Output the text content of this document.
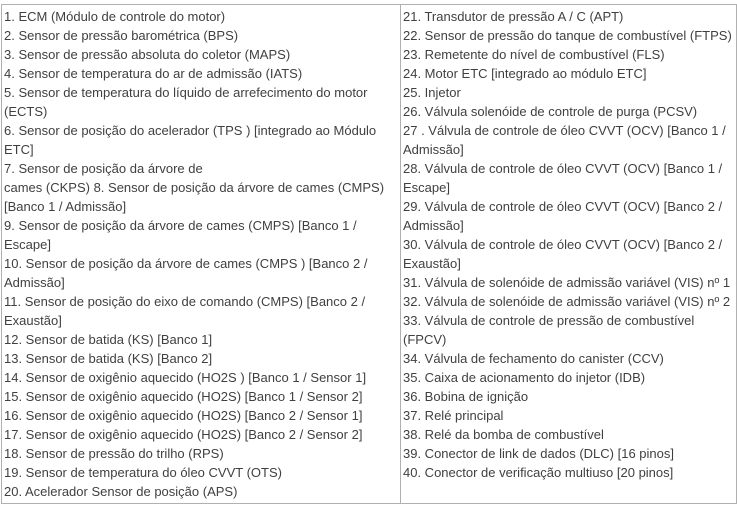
1. ECM (Módulo de controle do motor)
2. Sensor de pressão barométrica (BPS)
3. Sensor de pressão absoluta do coletor (MAPS)
4. Sensor de temperatura do ar de admissão (IATS)
5. Sensor de temperatura do líquido de arrefecimento do motor (ECTS)
6. Sensor de posição do acelerador (TPS ) [integrado ao Módulo ETC]
7. Sensor de posição da árvore de
cames (CKPS) 8. Sensor de posição da árvore de cames (CMPS) [Banco 1 / Admissão]
9. Sensor de posição da árvore de cames (CMPS) [Banco 1 / Escape]
10. Sensor de posição da árvore de cames (CMPS ) [Banco 2 / Admissão]
11. Sensor de posição do eixo de comando (CMPS) [Banco 2 / Exaustão]
12. Sensor de batida (KS) [Banco 1]
13. Sensor de batida (KS) [Banco 2]
14. Sensor de oxigênio aquecido (HO2S ) [Banco 1 / Sensor 1]
15. Sensor de oxigênio aquecido (HO2S) [Banco 1 / Sensor 2]
16. Sensor de oxigênio aquecido (HO2S) [Banco 2 / Sensor 1]
17. Sensor de oxigênio aquecido (HO2S) [Banco 2 / Sensor 2]
18. Sensor de pressão do trilho (RPS)
19. Sensor de temperatura do óleo CVVT (OTS)
20. Acelerador Sensor de posição (APS)

21. Transdutor de pressão A / C (APT)
22. Sensor de pressão do tanque de combustível (FTPS)
23. Remetente do nível de combustível (FLS)
24. Motor ETC [integrado ao módulo ETC]
25. Injetor
26. Válvula solenóide de controle de purga (PCSV)
27 . Válvula de controle de óleo CVVT (OCV) [Banco 1 / Admissão]
28. Válvula de controle de óleo CVVT (OCV) [Banco 1 / Escape]
29. Válvula de controle de óleo CVVT (OCV) [Banco 2 / Admissão]
30. Válvula de controle de óleo CVVT (OCV) [Banco 2 / Exaustão]
31. Válvula de solenóide de admissão variável (VIS) nº 1
32. Válvula de solenóide de admissão variável (VIS) nº 2
33. Válvula de controle de pressão de combustível (FPCV)
34. Válvula de fechamento do canister (CCV)
35. Caixa de acionamento do injetor (IDB)
36. Bobina de ignição
37. Relé principal
38. Relé da bomba de combustível
39. Conector de link de dados (DLC) [16 pinos]
40. Conector de verificação multiuso [20 pinos]
